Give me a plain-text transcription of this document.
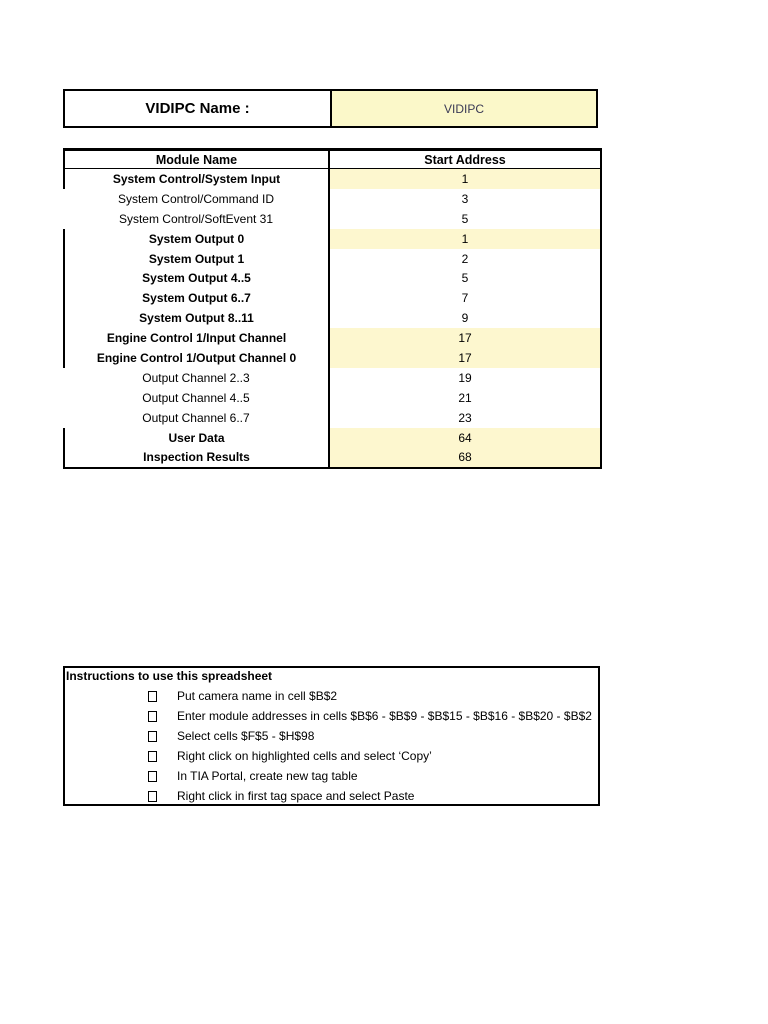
VIDIPC Name :	VIDIPC
Module Name	Start Address
System Control/System Input	1
System Control/Command ID	3
System Control/SoftEvent 31	5
System Output 0	1
System Output 1	2
System Output 4..5	5
System Output 6..7	7
System Output 8..11	9
Engine Control 1/Input Channel	17
Engine Control 1/Output Channel 0	17
Output Channel 2..3	19
Output Channel 4..5	21
Output Channel 6..7	23
User Data	64
Inspection Results	68
Instructions to use this spreadsheet
Put camera name in cell $B$2
Enter module addresses in cells $B$6 - $B$9 - $B$15 - $B$16 - $B$20 - $B$2
Select cells $F$5 - $H$98
Right click on highlighted cells and select ‘Copy’
In TIA Portal, create new tag table
Right click in first tag space and select Paste
